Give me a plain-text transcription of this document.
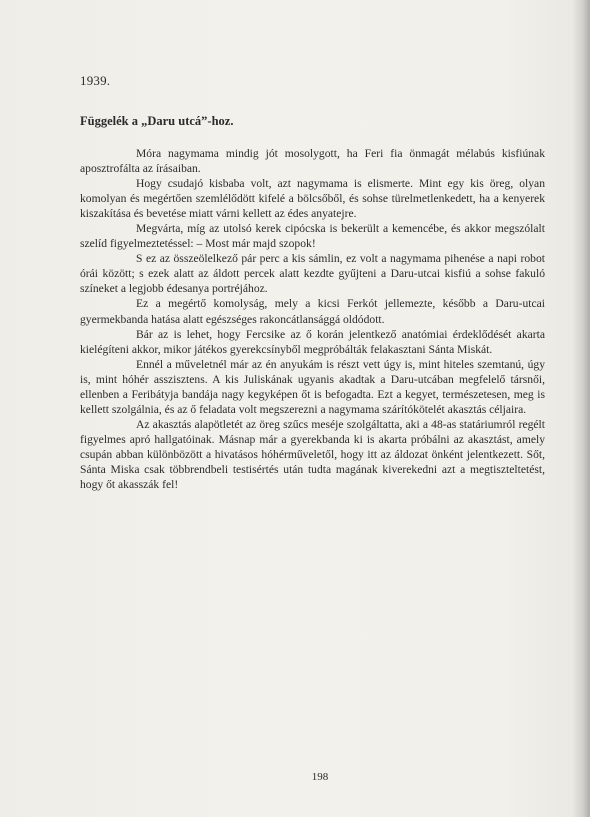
1939.
Függelék a „Daru utcá”-hoz.

Móra nagymama mindig jót mosolygott, ha Feri fia önmagát mélabús kisfiúnak aposztrofálta az írásaiban.

Hogy csudajó kisbaba volt, azt nagymama is elismerte. Mint egy kis öreg, olyan komolyan és megértően szemlélődött kifelé a bölcsőből, és sohse türelmetlenkedett, ha a kenyerek kiszakítása és bevetése miatt várni kellett az édes anyatejre.

Megvárta, míg az utolsó kerek cipócska is bekerült a kemencébe, és akkor megszólalt szelíd figyelmeztetéssel: – Most már majd szopok!

S ez az összeölelkező pár perc a kis sámlin, ez volt a nagymama pihenése a napi robot órái között; s ezek alatt az áldott percek alatt kezdte gyűjteni a Daru-utcai kisfiú a sohse fakuló színeket a legjobb édesanya portréjához.

Ez a megértő komolyság, mely a kicsi Ferkót jellemezte, később a Daru-utcai gyermekbanda hatása alatt egészséges rakoncátlansággá oldódott.

Bár az is lehet, hogy Fercsike az ő korán jelentkező anatómiai érdeklődését akarta kielégíteni akkor, mikor játékos gyerekcsínyből megpróbálták felakasztani Sánta Miskát.

Ennél a műveletnél már az én anyukám is részt vett úgy is, mint hiteles szemtanú, úgy is, mint hóhér asszisztens. A kis Juliskának ugyanis akadtak a Daru-utcában megfelelő társnői, ellenben a Feribátyja bandája nagy kegyképen őt is befogadta. Ezt a kegyet, természetesen, meg is kellett szolgálnia, és az ő feladata volt megszerezni a nagymama szárítókötelét akasztás céljaira.

Az akasztás alapötletét az öreg szűcs meséje szolgáltatta, aki a 48-as statáriumról regélt figyelmes apró hallgatóinak. Másnap már a gyerekbanda ki is akarta próbálni az akasztást, amely csupán abban különbözött a hivatásos hóhérműveletől, hogy itt az áldozat önként jelentkezett. Sőt, Sánta Miska csak többrendbeli testisértés után tudta magának kiverekedni azt a megtiszteltetést, hogy őt akasszák fel!

198
